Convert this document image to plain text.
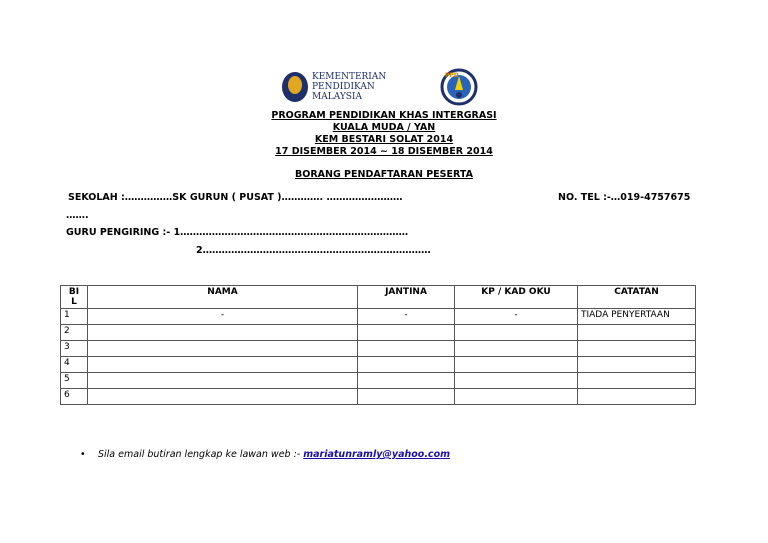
KEMENTERIAN
PENDIDIKAN
MALAYSIA
PPD
PROGRAM PENDIDIKAN KHAS INTERGRASI
KUALA MUDA / YAN
KEM BESTARI SOLAT 2014
17 DISEMBER 2014 ~ 18 DISEMBER 2014
BORANG PENDAFTARAN PESERTA
SEKOLAH :……………SK GURUN ( PUSAT )…………. ……………………	NO. TEL :-…019-4757675
…….
GURU PENGIRING :- 1………………………………………………………………
2………………………………………………………………
BI
L	NAMA	JANTINA	KP / KAD OKU	CATATAN
1	-	-	-	TIADA PENYERTAAN
2				
3				
4				
5				
6				
• Sila email butiran lengkap ke lawan web :- mariatunramly@yahoo.com
